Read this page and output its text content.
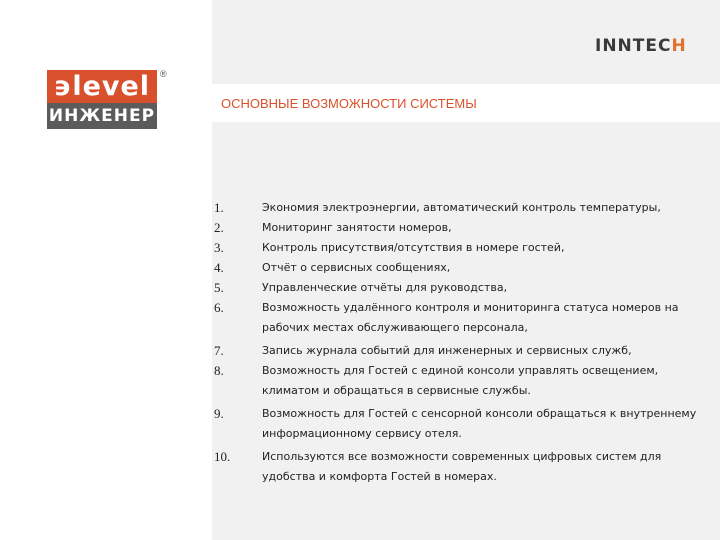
϶level
ИНЖЕНЕР
®
INNTECH
ОСНОВНЫЕ ВОЗМОЖНОСТИ СИСТЕМЫ
1.	Экономия электроэнергии, автоматический контроль температуры,
2.	Мониторинг занятости номеров,
3.	Контроль присутствия/отсутствия в номере гостей,
4.	Отчёт о сервисных сообщениях,
5.	Управленческие отчёты для руководства,
6.	Возможность удалённого контроля и мониторинга статуса номеров на рабочих местах обслуживающего персонала,
7.	Запись журнала событий для инженерных и сервисных служб,
8.	Возможность для Гостей с единой консоли управлять освещением, климатом и обращаться в сервисные службы.
9.	Возможность для Гостей с сенсорной консоли обращаться к внутреннему информационному сервису отеля.
10.	Используются все возможности современных цифровых систем для удобства и комфорта Гостей в номерах.
